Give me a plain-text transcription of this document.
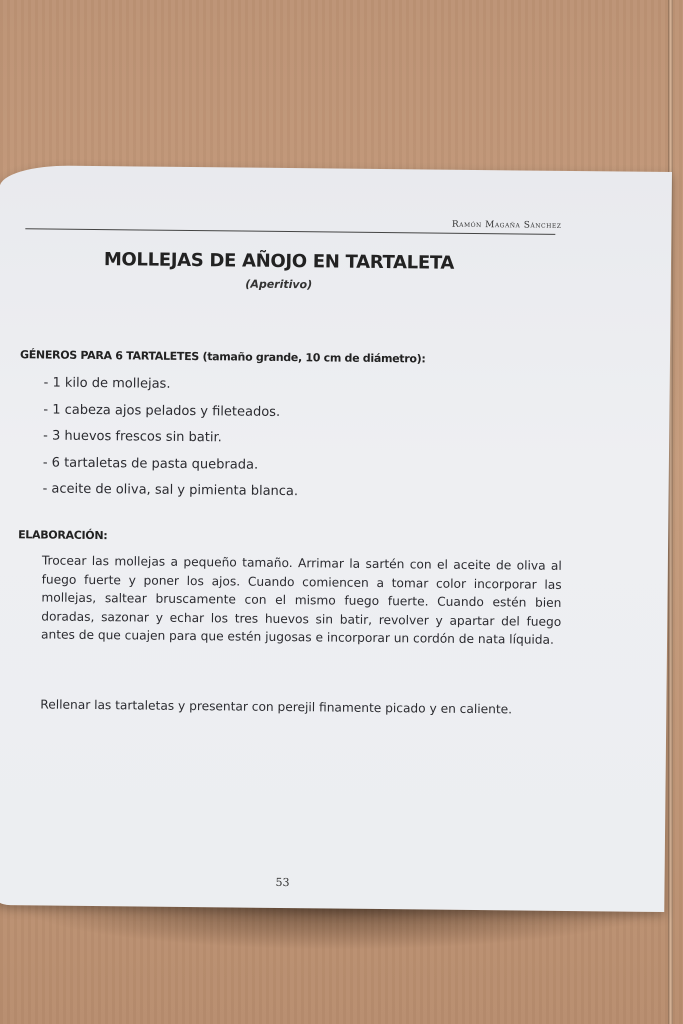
Ramón Magaña Sánchez
MOLLEJAS DE AÑOJO EN TARTALETA
(Aperitivo)
GÉNEROS PARA 6 TARTALETES (tamaño grande, 10 cm de diámetro):
- 1 kilo de mollejas.
- 1 cabeza ajos pelados y fileteados.
- 3 huevos frescos sin batir.
- 6 tartaletas de pasta quebrada.
- aceite de oliva, sal y pimienta blanca.
ELABORACIÓN:

Trocear las mollejas a pequeño tamaño. Arrimar la sartén con el aceite de oliva al fuego fuerte y poner los ajos. Cuando comiencen a tomar color incorporar las mollejas, saltear bruscamente con el mismo fuego fuerte. Cuando estén bien doradas, sazonar y echar los tres huevos sin batir, revolver y apartar del fuego antes de que cuajen para que estén jugosas e incorporar un cordón de nata líquida.

Rellenar las tartaletas y presentar con perejil finamente picado y en caliente.

53
